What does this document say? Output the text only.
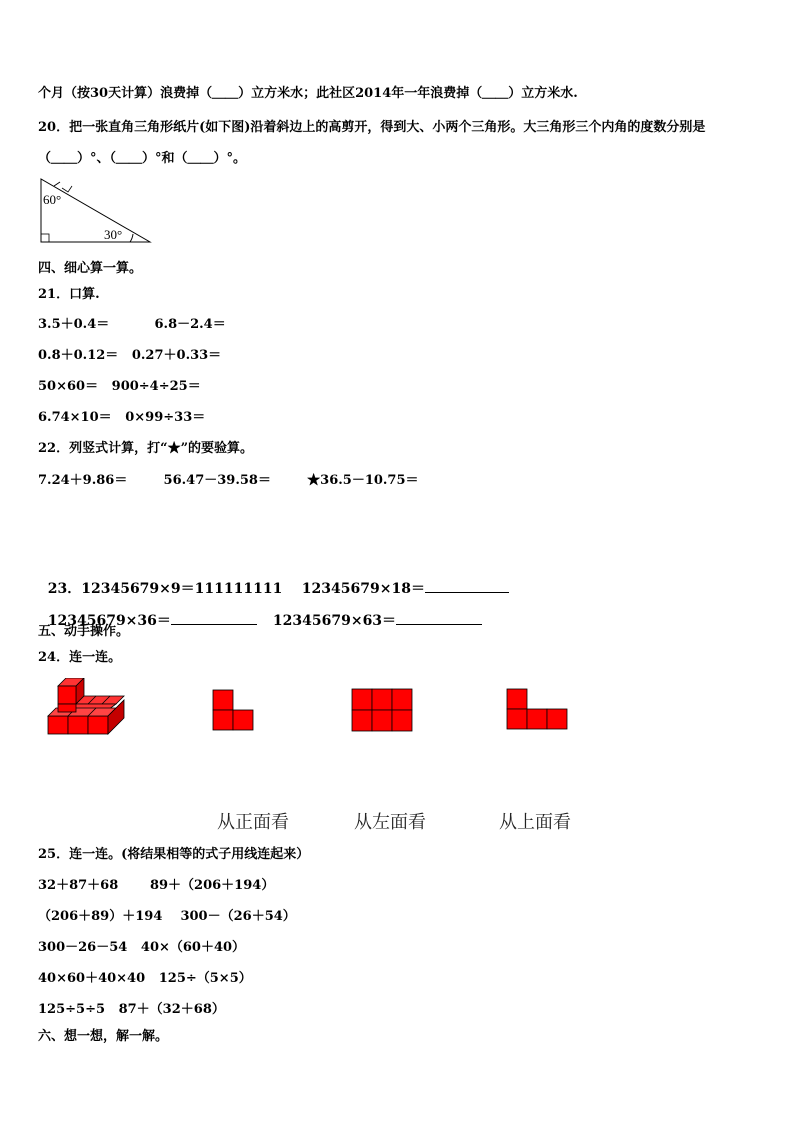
个月（按30天计算）浪费掉（＿＿）立方米水；此社区2014年一年浪费掉（＿＿）立方米水.
20．把一张直角三角形纸片(如下图)沿着斜边上的高剪开，得到大、小两个三角形。大三角形三个内角的度数分别是
（＿＿）°、（＿＿）°和（＿＿）°。
60°
30°
四、细心算一算。
21．口算.
3.5＋0.4＝          6.8－2.4＝
0.8＋0.12＝   0.27＋0.33＝
50×60＝   900÷4÷25＝
6.74×10＝   0×99÷33＝
22．列竖式计算，打“★”的要验算。
7.24＋9.86＝        56.47－39.58＝        ★36.5－10.75＝

23．12345679×9＝111111111    12345679×18＝

12345679×36＝	12345679×63＝

五、动手操作。
24．连一连。
从正面看	从左面看	从上面看
25．连一连。(将结果相等的式子用线连起来）
32＋87＋68       89＋（206＋194）
（206＋89）＋194    300－（26＋54）
300－26－54   40×（60＋40）
40×60＋40×40   125÷（5×5）
125÷5÷5   87＋（32＋68）
六、想一想，解一解。
